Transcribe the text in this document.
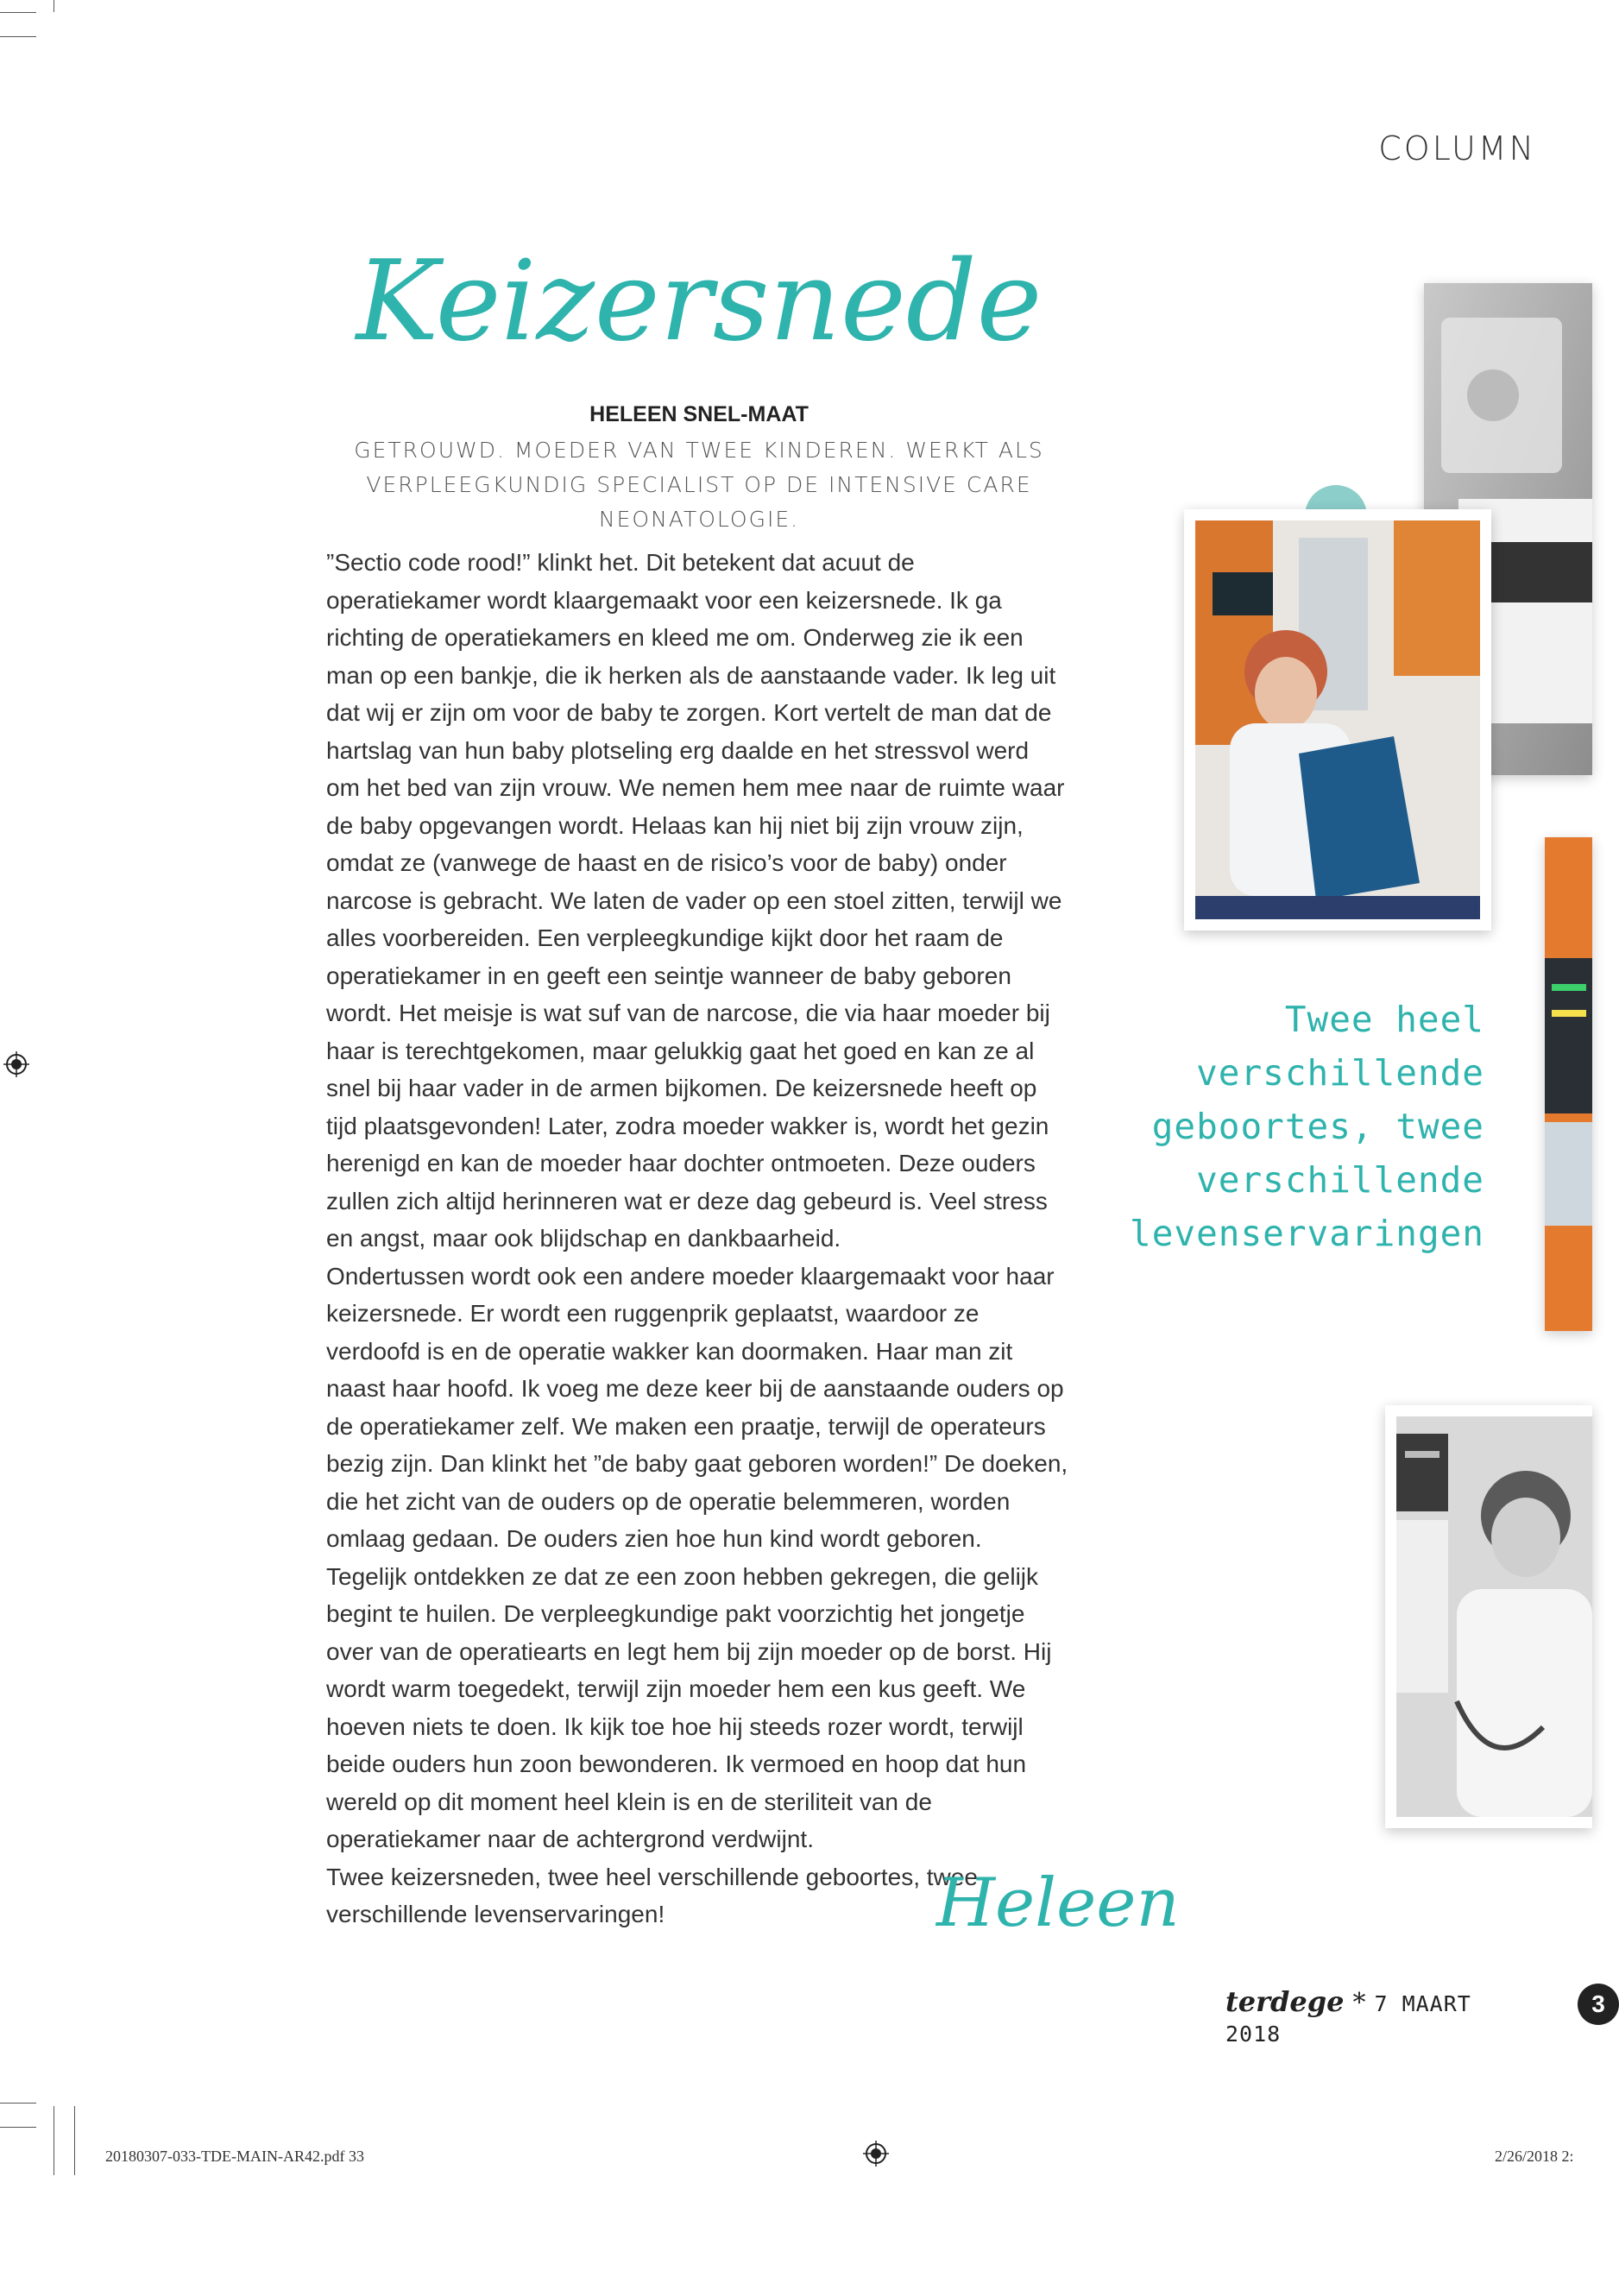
COLUMN
Keizersnede
HELEEN SNEL-MAAT
GETROUWD. MOEDER VAN TWEE KINDEREN. WERKT ALS
VERPLEEGKUNDIG SPECIALIST OP DE INTENSIVE CARE NEONATOLOGIE.

”Sectio code rood!” klinkt het. Dit betekent dat acuut de operatiekamer wordt klaargemaakt voor een keizersnede. Ik ga richting de operatiekamers en kleed me om. Onderweg zie ik een man op een bankje, die ik herken als de aanstaande vader. Ik leg uit dat wij er zijn om voor de baby te zorgen. Kort vertelt de man dat de hartslag van hun baby plotseling erg daalde en het stressvol werd om het bed van zijn vrouw. We nemen hem mee naar de ruimte waar de baby opgevangen wordt. Helaas kan hij niet bij zijn vrouw zijn, omdat ze (vanwege de haast en de risico’s voor de baby) onder narcose is gebracht. We laten de vader op een stoel zitten, terwijl we alles voorbereiden. Een verpleegkundige kijkt door het raam de operatiekamer in en geeft een seintje wanneer de baby geboren wordt. Het meisje is wat suf van de narcose, die via haar moeder bij haar is terechtgekomen, maar gelukkig gaat het goed en kan ze al snel bij haar vader in de armen bijkomen. De keizersnede heeft op tijd plaatsgevonden! Later, zodra moeder wakker is, wordt het gezin herenigd en kan de moeder haar dochter ontmoeten. Deze ouders zullen zich altijd herinneren wat er deze dag gebeurd is. Veel stress en angst, maar ook blijdschap en dankbaarheid.

Ondertussen wordt ook een andere moeder klaargemaakt voor haar keizersnede. Er wordt een ruggenprik geplaatst, waardoor ze verdoofd is en de operatie wakker kan doormaken. Haar man zit naast haar hoofd. Ik voeg me deze keer bij de aanstaande ouders op de operatiekamer zelf. We maken een praatje, terwijl de operateurs bezig zijn. Dan klinkt het ”de baby gaat geboren worden!” De doeken, die het zicht van de ouders op de operatie belemmeren, worden omlaag gedaan. De ouders zien hoe hun kind wordt geboren. Tegelijk ontdekken ze dat ze een zoon hebben gekregen, die gelijk begint te huilen. De verpleegkundige pakt voorzichtig het jongetje over van de operatiearts en legt hem bij zijn moeder op de borst. Hij wordt warm toegedekt, terwijl zijn moeder hem een kus geeft. We hoeven niets te doen. Ik kijk toe hoe hij steeds rozer wordt, terwijl beide ouders hun zoon bewonderen. Ik vermoed en hoop dat hun wereld op dit moment heel klein is en de steriliteit van de operatiekamer naar de achtergrond verdwijnt.

Twee keizersneden, twee heel verschillende geboortes, twee verschillende levenservaringen!	Heleen
Twee heel
verschillende
geboortes, twee
verschillende
levenservaringen
terdege * 7 MAART 2018
3
20180307-033-TDE-MAIN-AR42.pdf 33	2/26/2018 2:
